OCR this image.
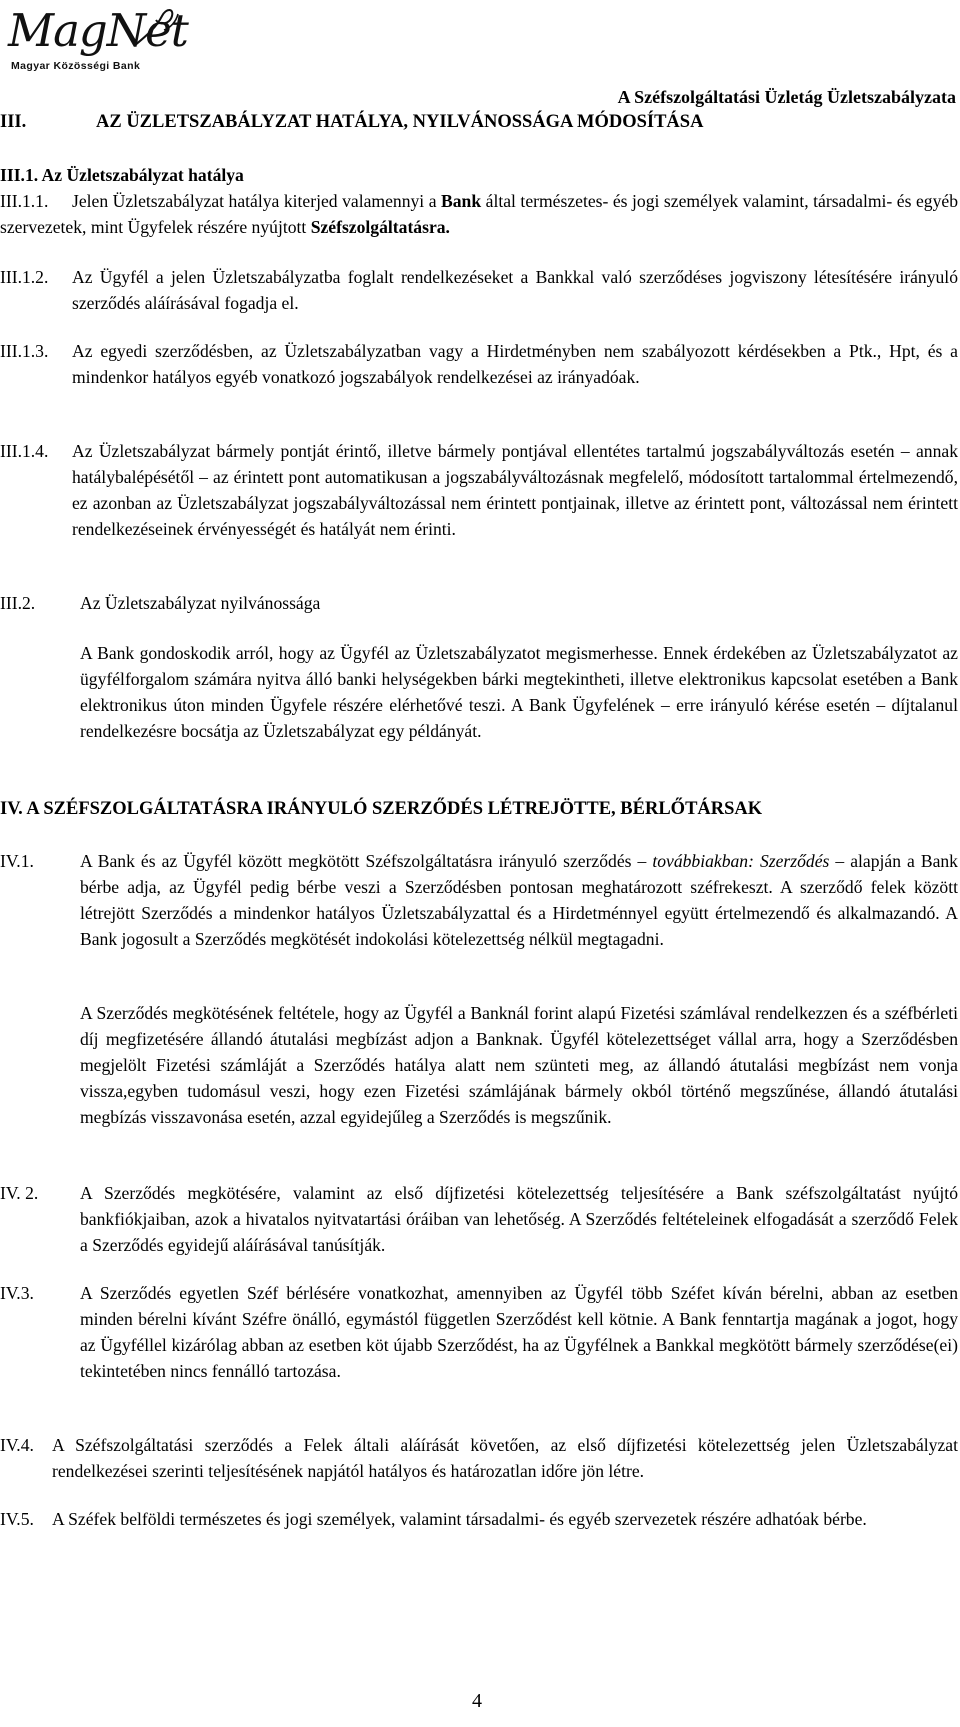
MagNet
Magyar Közösségi Bank
A Széfszolgáltatási Üzletág Üzletszabályzata
III.	AZ ÜZLETSZABÁLYZAT HATÁLYA, NYILVÁNOSSÁGA MÓDOSÍTÁSA
III.1. Az Üzletszabályzat hatálya
III.1.1.	Jelen Üzletszabályzat hatálya kiterjed valamennyi a Bank által természetes- és jogi személyek valamint, társadalmi- és egyéb szervezetek, mint Ügyfelek részére nyújtott Széfszolgáltatásra.
III.1.2. Az Ügyfél a jelen Üzletszabályzatba foglalt rendelkezéseket a Bankkal való szerződéses jogviszony létesítésére irányuló szerződés aláírásával fogadja el.
III.1.3. Az egyedi szerződésben, az Üzletszabályzatban vagy a Hirdetményben nem szabályozott kérdésekben a Ptk., Hpt, és a mindenkor hatályos egyéb vonatkozó jogszabályok rendelkezései az irányadóak.
III.1.4. Az Üzletszabályzat bármely pontját érintő, illetve bármely pontjával ellentétes tartalmú jogszabályváltozás esetén – annak hatálybalépésétől – az érintett pont automatikusan a jogszabályváltozásnak megfelelő, módosított tartalommal értelmezendő, ez azonban az Üzletszabályzat jogszabályváltozással nem érintett pontjainak, illetve az érintett pont, változással nem érintett rendelkezéseinek érvényességét és hatályát nem érinti.
III.2.	Az Üzletszabályzat nyilvánossága
A Bank gondoskodik arról, hogy az Ügyfél az Üzletszabályzatot megismerhesse. Ennek érdekében az Üzletszabályzatot az ügyfélforgalom számára nyitva álló banki helységekben bárki megtekintheti, illetve elektronikus kapcsolat esetében a Bank elektronikus úton minden Ügyfele részére elérhetővé teszi. A Bank Ügyfelének – erre irányuló kérése esetén – díjtalanul rendelkezésre bocsátja az Üzletszabályzat egy példányát.
IV. A SZÉFSZOLGÁLTATÁSRA IRÁNYULÓ SZERZŐDÉS LÉTREJÖTTE, BÉRLŐTÁRSAK
IV.1.	A Bank és az Ügyfél között megkötött Széfszolgáltatásra irányuló szerződés – továbbiakban: Szerződés – alapján a Bank bérbe adja, az Ügyfél pedig bérbe veszi a Szerződésben pontosan meghatározott széfrekeszt. A szerződő felek között létrejött Szerződés a mindenkor hatályos Üzletszabályzattal és a Hirdetménnyel együtt értelmezendő és alkalmazandó. A Bank jogosult a Szerződés megkötését indokolási kötelezettség nélkül megtagadni.
A Szerződés megkötésének feltétele, hogy az Ügyfél a Banknál forint alapú Fizetési számlával rendelkezzen és a széfbérleti díj megfizetésére állandó átutalási megbízást adjon a Banknak. Ügyfél kötelezettséget vállal arra, hogy a Szerződésben megjelölt Fizetési számláját a Szerződés hatálya alatt nem szünteti meg, az állandó átutalási megbízást nem vonja vissza,egyben tudomásul veszi, hogy ezen Fizetési számlájának bármely okból történő megszűnése, állandó átutalási megbízás visszavonása esetén, azzal egyidejűleg a Szerződés is megszűnik.
IV. 2. A Szerződés megkötésére, valamint az első díjfizetési kötelezettség teljesítésére a Bank széfszolgáltatást nyújtó bankfiókjaiban, azok a hivatalos nyitvatartási óráiban van lehetőség. A Szerződés feltételeinek elfogadását a szerződő Felek a Szerződés egyidejű aláírásával tanúsítják.
IV.3.	A Szerződés egyetlen Széf bérlésére vonatkozhat, amennyiben az Ügyfél több Széfet kíván bérelni, abban az esetben minden bérelni kívánt Széfre önálló, egymástól független Szerződést kell kötnie. A Bank fenntartja magának a jogot, hogy az Ügyféllel kizárólag abban az esetben köt újabb Szerződést, ha az Ügyfélnek a Bankkal megkötött bármely szerződése(ei) tekintetében nincs fennálló tartozása.
IV.4. A Széfszolgáltatási szerződés a Felek általi aláírását követően, az első díjfizetési kötelezettség jelen Üzletszabályzat rendelkezései szerinti teljesítésének napjától hatályos és határozatlan időre jön létre.
IV.5. A Széfek belföldi természetes és jogi személyek, valamint társadalmi- és egyéb szervezetek részére adhatóak bérbe.
4
